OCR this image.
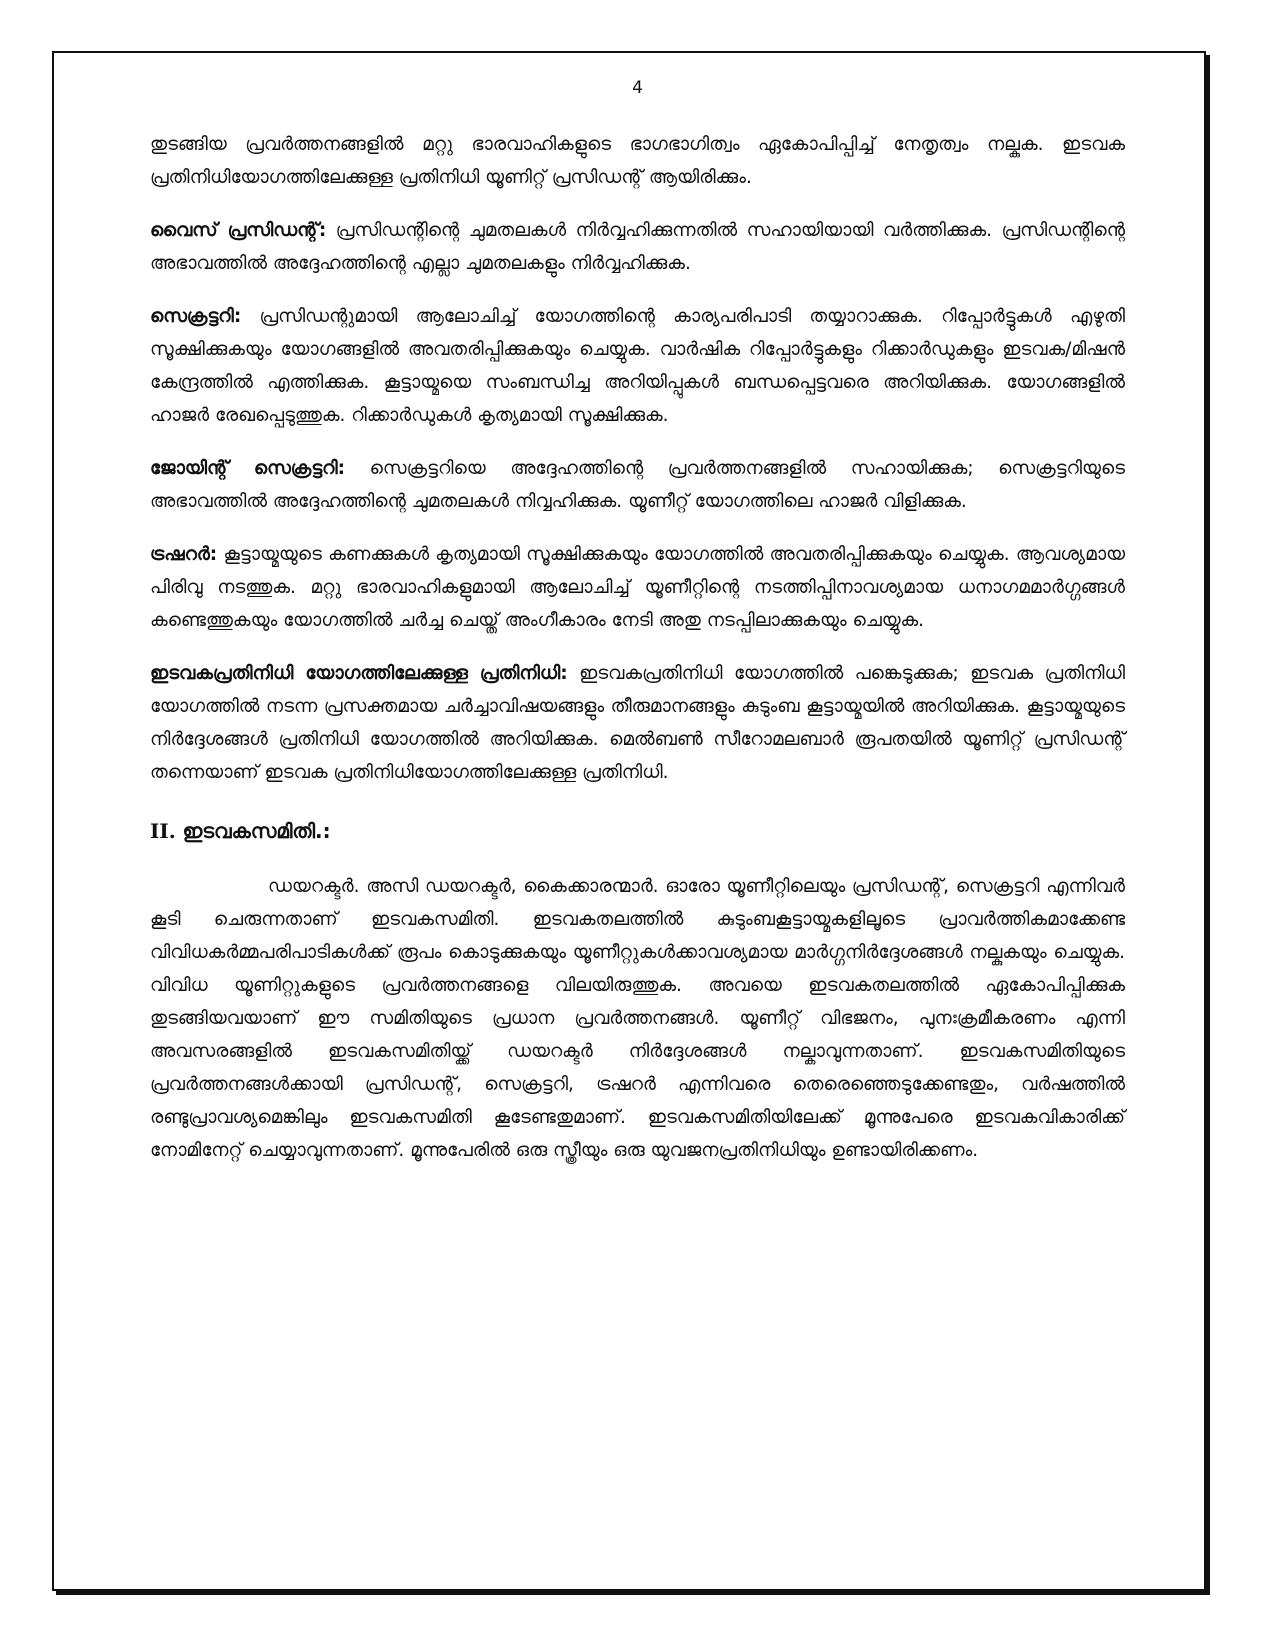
4

തുടങ്ങിയ പ്രവർത്തനങ്ങളിൽ മറ്റു ഭാരവാഹികളുടെ ഭാഗഭാഗിത്വം ഏകോപിപ്പിച്ച് നേതൃത്വം നല്കുക. ഇടവക പ്രതിനിധിയോഗത്തിലേക്കുള്ള പ്രതിനിധി യൂണിറ്റ് പ്രസിഡന്റ് ആയിരിക്കും.

വൈസ് പ്രസിഡന്റ്: പ്രസിഡന്റിന്റെ ചുമതലകൾ നിർവ്വഹിക്കുന്നതിൽ സഹായിയായി വർത്തിക്കുക. പ്രസിഡന്റിന്റെ അഭാവത്തിൽ അദ്ദേഹത്തിന്റെ എല്ലാ ചുമതലകളും നിർവ്വഹിക്കുക.

സെക്രട്ടറി: പ്രസിഡന്റുമായി ആലോചിച്ച് യോഗത്തിന്റെ കാര്യപരിപാടി തയ്യാറാക്കുക. റിപ്പോർട്ടുകൾ എഴുതി സൂക്ഷിക്കുകയും യോഗങ്ങളിൽ അവതരിപ്പിക്കുകയും ചെയ്യുക. വാർഷിക റിപ്പോർട്ടുകളും റിക്കാർഡുകളും ഇടവക/മിഷൻ കേന്ദ്രത്തിൽ എത്തിക്കുക. കൂട്ടായ്മയെ സംബന്ധിച്ച അറിയിപ്പുകൾ ബന്ധപ്പെട്ടവരെ അറിയിക്കുക. യോഗങ്ങളിൽ ഹാജർ രേഖപ്പെടുത്തുക. റിക്കാർഡുകൾ കൃത്യമായി സൂക്ഷിക്കുക.

ജോയിന്റ് സെക്രട്ടറി: സെക്രട്ടറിയെ അദ്ദേഹത്തിന്റെ പ്രവർത്തനങ്ങളിൽ സഹായിക്കുക; സെക്രട്ടറിയുടെ അഭാവത്തിൽ അദ്ദേഹത്തിന്റെ ചുമതലകൾ നിവ്വഹിക്കുക. യൂണീറ്റ് യോഗത്തിലെ ഹാജർ വിളിക്കുക.

ട്രഷറർ: കൂട്ടായ്മയുടെ കണക്കുകൾ കൃത്യമായി സൂക്ഷിക്കുകയും യോഗത്തിൽ അവതരിപ്പിക്കുകയും ചെയ്യുക. ആവശ്യമായ പിരിവു നടത്തുക. മറ്റു ഭാരവാഹികളുമായി ആലോചിച്ച് യൂണീറ്റിന്റെ നടത്തിപ്പിനാവശ്യമായ ധനാഗമമാർഗ്ഗങ്ങൾ കണ്ടെത്തുകയും യോഗത്തിൽ ചർച്ച ചെയ്ത് അംഗീകാരം നേടി അതു നടപ്പിലാക്കുകയും ചെയ്യുക.

ഇടവകപ്രതിനിധി യോഗത്തിലേക്കുള്ള പ്രതിനിധി: ഇടവകപ്രതിനിധി യോഗത്തിൽ പങ്കെടുക്കുക; ഇടവക പ്രതിനിധി യോഗത്തിൽ നടന്ന പ്രസക്തമായ ചർച്ചാവിഷയങ്ങളും തീരുമാനങ്ങളും കുടുംബ കൂട്ടായ്മയിൽ അറിയിക്കുക. കൂട്ടായ്മയുടെ നിർദ്ദേശങ്ങൾ പ്രതിനിധി യോഗത്തിൽ അറിയിക്കുക. മെൽബൺ സീറോമലബാർ രൂപതയിൽ യൂണിറ്റ് പ്രസിഡന്റ് തന്നെയാണ് ഇടവക പ്രതിനിധിയോഗത്തിലേക്കുള്ള പ്രതിനിധി.

II. ഇടവകസമിതി.:

ഡയറക്ടർ. അസി ഡയറക്ടർ, കൈക്കാരന്മാർ. ഓരോ യൂണീറ്റിലെയും പ്രസിഡന്റ്, സെക്രട്ടറി എന്നിവർ കൂടി ചെരുന്നതാണ് ഇടവകസമിതി. ഇടവകതലത്തിൽ കുടുംബകൂട്ടായ്മകളിലൂടെ പ്രാവർത്തികമാക്കേണ്ട വിവിധകർമ്മപരിപാടികൾക്ക് രൂപം കൊടുക്കുകയും യൂണീറ്റുകൾക്കാവശ്യമായ മാർഗ്ഗനിർദ്ദേശങ്ങൾ നല്കുകയും ചെയ്യുക. വിവിധ യൂണിറ്റുകളുടെ പ്രവർത്തനങ്ങളെ വിലയിരുത്തുക. അവയെ ഇടവകതലത്തിൽ ഏകോപിപ്പിക്കുക തുടങ്ങിയവയാണ് ഈ സമിതിയുടെ പ്രധാന പ്രവർത്തനങ്ങൾ. യൂണീറ്റ് വിഭജനം, പുനഃക്രമീകരണം എന്നി അവസരങ്ങളിൽ ഇടവകസമിതിയ്ക്ക് ഡയറക്ടർ നിർദ്ദേശങ്ങൾ നല്കാവുന്നതാണ്. ഇടവകസമിതിയുടെ പ്രവർത്തനങ്ങൾക്കായി പ്രസിഡന്റ്, സെക്രട്ടറി, ട്രഷറർ എന്നിവരെ തെരെഞ്ഞെടുക്കേണ്ടതും, വർഷത്തിൽ രണ്ടുപ്രാവശ്യമെങ്കിലും ഇടവകസമിതി കൂടേണ്ടതുമാണ്. ഇടവകസമിതിയിലേക്ക് മൂന്നുപേരെ ഇടവകവികാരിക്ക് നോമിനേറ്റ് ചെയ്യാവുന്നതാണ്. മൂന്നുപേരിൽ ഒരു സ്ത്രീയും ഒരു യുവജനപ്രതിനിധിയും ഉണ്ടായിരിക്കണം.
